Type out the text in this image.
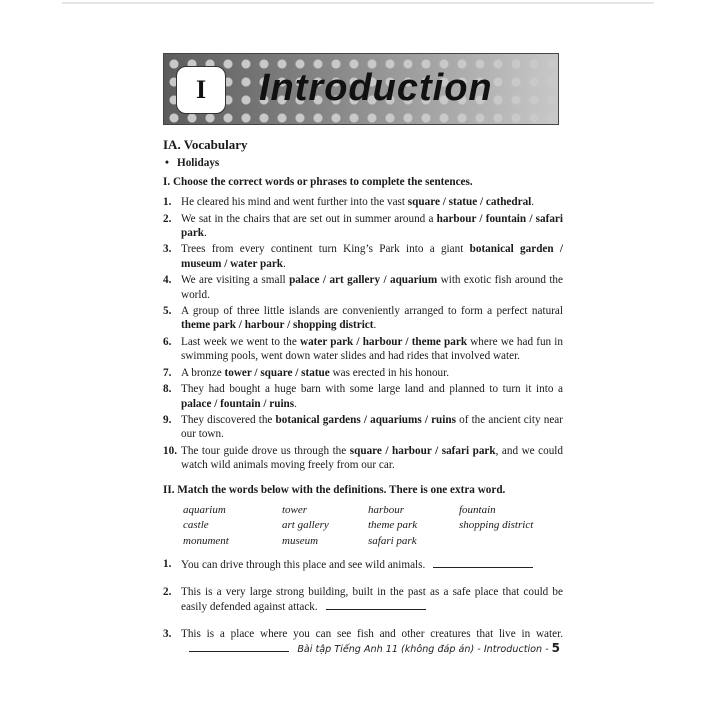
I	Introduction
IA. Vocabulary
• Holidays
I. Choose the correct words or phrases to complete the sentences.
1. He cleared his mind and went further into the vast square / statue / cathedral.
2. We sat in the chairs that are set out in summer around a harbour / fountain / safari park.
3. Trees from every continent turn King’s Park into a giant botanical garden / museum / water park.
4. We are visiting a small palace / art gallery / aquarium with exotic fish around the world.
5. A group of three little islands are conveniently arranged to form a perfect natural theme park / harbour / shopping district.
6. Last week we went to the water park / harbour / theme park where we had fun in swimming pools, went down water slides and had rides that involved water.
7. A bronze tower / square / statue was erected in his honour.
8. They had bought a huge barn with some large land and planned to turn it into a palace / fountain / ruins.
9. They discovered the botanical gardens / aquariums / ruins of the ancient city near our town.
10. The tour guide drove us through the square / harbour / safari park, and we could watch wild animals moving freely from our car.
II. Match the words below with the definitions. There is one extra word.
aquarium	tower	harbour	fountain
castle	art gallery	theme park	shopping district
monument	museum	safari park
1. You can drive through this place and see wild animals.
2. This is a very large strong building, built in the past as a safe place that could be easily defended against attack.
3. This is a place where you can see fish and other creatures that live in water.
Bài tập Tiếng Anh 11 (không đáp án) - Introduction - 5
